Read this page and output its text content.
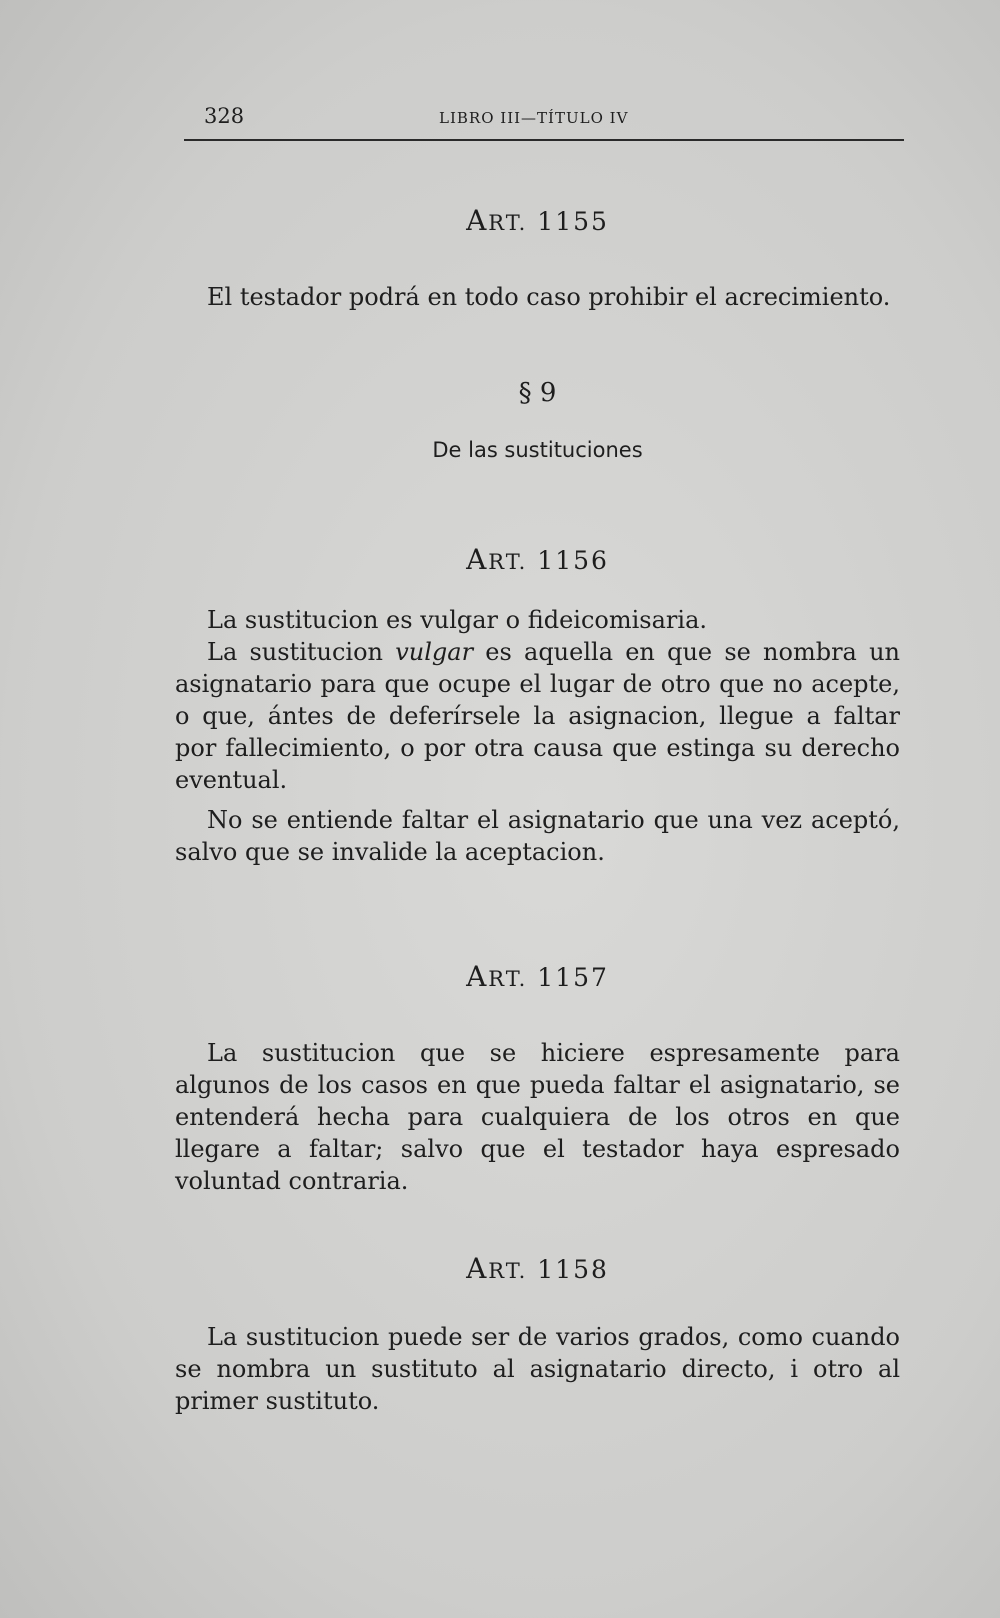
328	LIBRO III—TÍTULO IV
ART. 1155
El testador podrá en todo caso prohibir el acrecimiento.
§ 9
De las sustituciones
ART. 1156
La sustitucion es vulgar o fideicomisaria.
La sustitucion vulgar es aquella en que se nombra un asignatario para que ocupe el lugar de otro que no acepte, o que, ántes de deferírsele la asignacion, llegue a faltar por fallecimiento, o por otra causa que estinga su derecho eventual.
No se entiende faltar el asignatario que una vez aceptó, salvo que se invalide la aceptacion.
ART. 1157
La sustitucion que se hiciere espresamente para algunos de los casos en que pueda faltar el asignatario, se entenderá hecha para cualquiera de los otros en que llegare a faltar; salvo que el testador haya espresado voluntad contraria.
ART. 1158
La sustitucion puede ser de varios grados, como cuando se nombra un sustituto al asignatario directo, i otro al primer sustituto.
